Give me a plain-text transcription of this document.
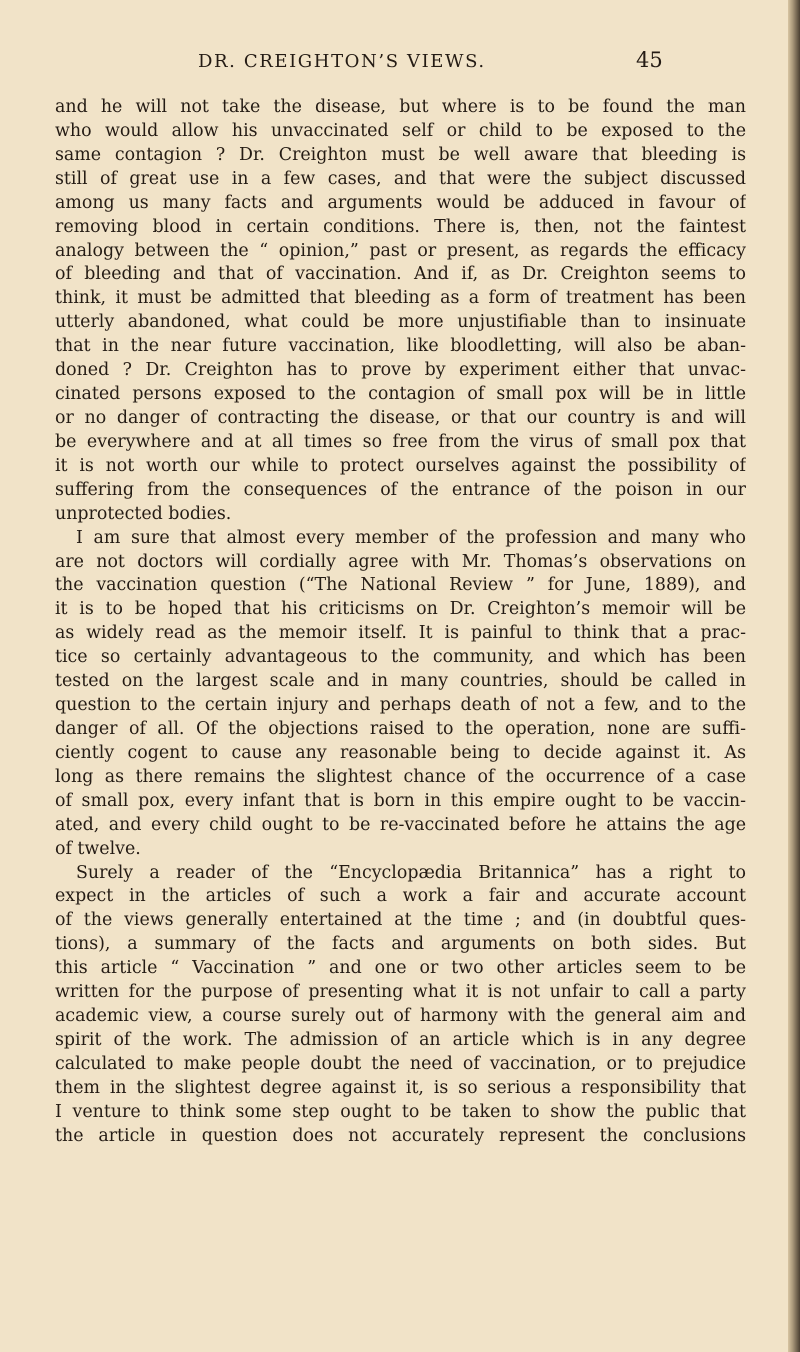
DR. CREIGHTON’S VIEWS.	45
and he will not take the disease, but where is to be found the man
who would allow his unvaccinated self or child to be exposed to the
same contagion ? Dr. Creighton must be well aware that bleeding is
still of great use in a few cases, and that were the subject discussed
among us many facts and arguments would be adduced in favour of
removing blood in certain conditions. There is, then, not the faintest
analogy between the “ opinion,” past or present, as regards the efficacy
of bleeding and that of vaccination. And if, as Dr. Creighton seems to
think, it must be admitted that bleeding as a form of treatment has been
utterly abandoned, what could be more unjustifiable than to insinuate
that in the near future vaccination, like bloodletting, will also be aban-
doned ? Dr. Creighton has to prove by experiment either that unvac-
cinated persons exposed to the contagion of small pox will be in little
or no danger of contracting the disease, or that our country is and will
be everywhere and at all times so free from the virus of small pox that
it is not worth our while to protect ourselves against the possibility of
suffering from the consequences of the entrance of the poison in our
unprotected bodies.
I am sure that almost every member of the profession and many who
are not doctors will cordially agree with Mr. Thomas’s observations on
the vaccination question (“The National Review ” for June, 1889), and
it is to be hoped that his criticisms on Dr. Creighton’s memoir will be
as widely read as the memoir itself. It is painful to think that a prac-
tice so certainly advantageous to the community, and which has been
tested on the largest scale and in many countries, should be called in
question to the certain injury and perhaps death of not a few, and to the
danger of all. Of the objections raised to the operation, none are suffi-
ciently cogent to cause any reasonable being to decide against it. As
long as there remains the slightest chance of the occurrence of a case
of small pox, every infant that is born in this empire ought to be vaccin-
ated, and every child ought to be re-vaccinated before he attains the age
of twelve.
Surely a reader of the “Encyclopædia Britannica” has a right to
expect in the articles of such a work a fair and accurate account
of the views generally entertained at the time ; and (in doubtful ques-
tions), a summary of the facts and arguments on both sides. But
this article “ Vaccination ” and one or two other articles seem to be
written for the purpose of presenting what it is not unfair to call a party
academic view, a course surely out of harmony with the general aim and
spirit of the work. The admission of an article which is in any degree
calculated to make people doubt the need of vaccination, or to prejudice
them in the slightest degree against it, is so serious a responsibility that
I venture to think some step ought to be taken to show the public that
the article in question does not accurately represent the conclusions
